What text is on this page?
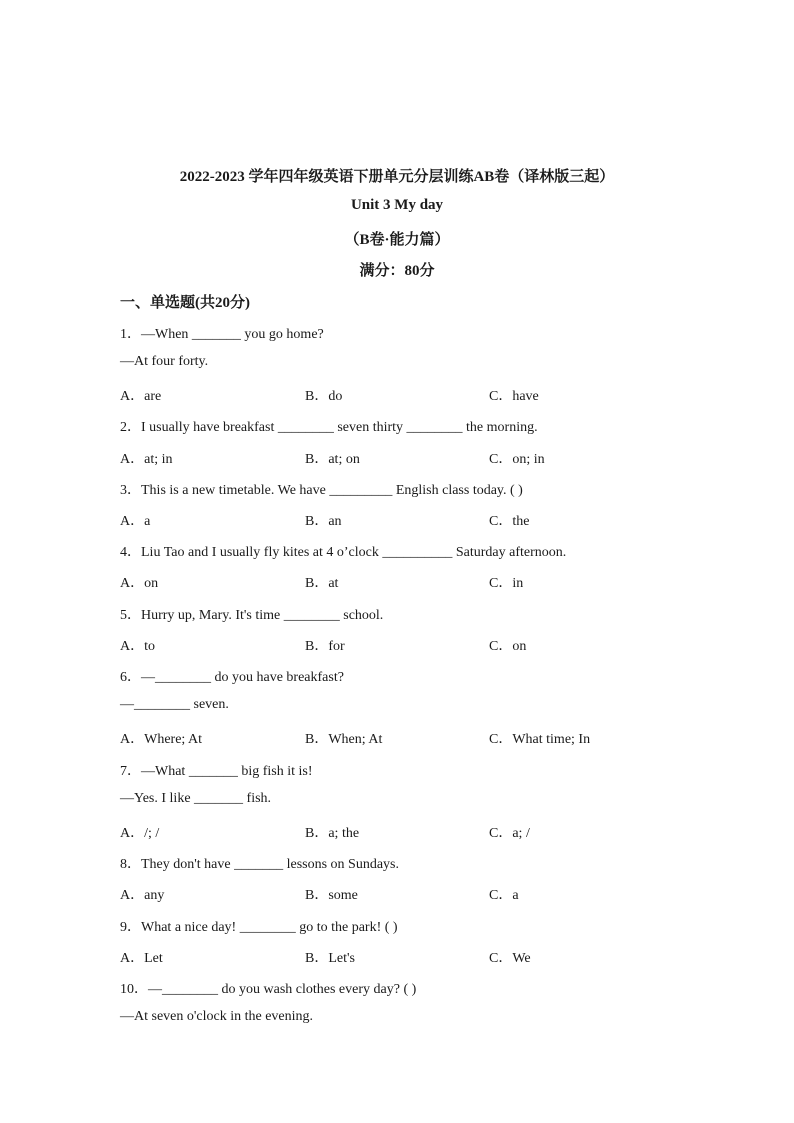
2022-2023 学年四年级英语下册单元分层训练AB卷（译林版三起）
Unit 3 My day
（B卷·能力篇）
满分：80分
一、单选题(共20分)
1．—When _______ you go home?
—At four forty.
A．are	B．do	C．have
2．I usually have breakfast ________ seven thirty ________ the morning.
A．at; in	B．at; on	C．on; in
3．This is a new timetable. We have _________ English class today. ( )
A．a	B．an	C．the
4．Liu Tao and I usually fly kites at 4 o’clock __________ Saturday afternoon.
A．on	B．at	C．in
5．Hurry up, Mary. It's time ________ school.
A．to	B．for	C．on
6．—________ do you have breakfast?
—________ seven.
A．Where; At	B．When; At	C．What time; In
7．—What _______ big fish it is!
—Yes. I like _______ fish.
A．/; /	B．a; the	C．a; /
8．They don't have _______ lessons on Sundays.
A．any	B．some	C．a
9．What a nice day! ________ go to the park! ( )
A．Let	B．Let's	C．We
10．—________ do you wash clothes every day? ( )
—At seven o'clock in the evening.
